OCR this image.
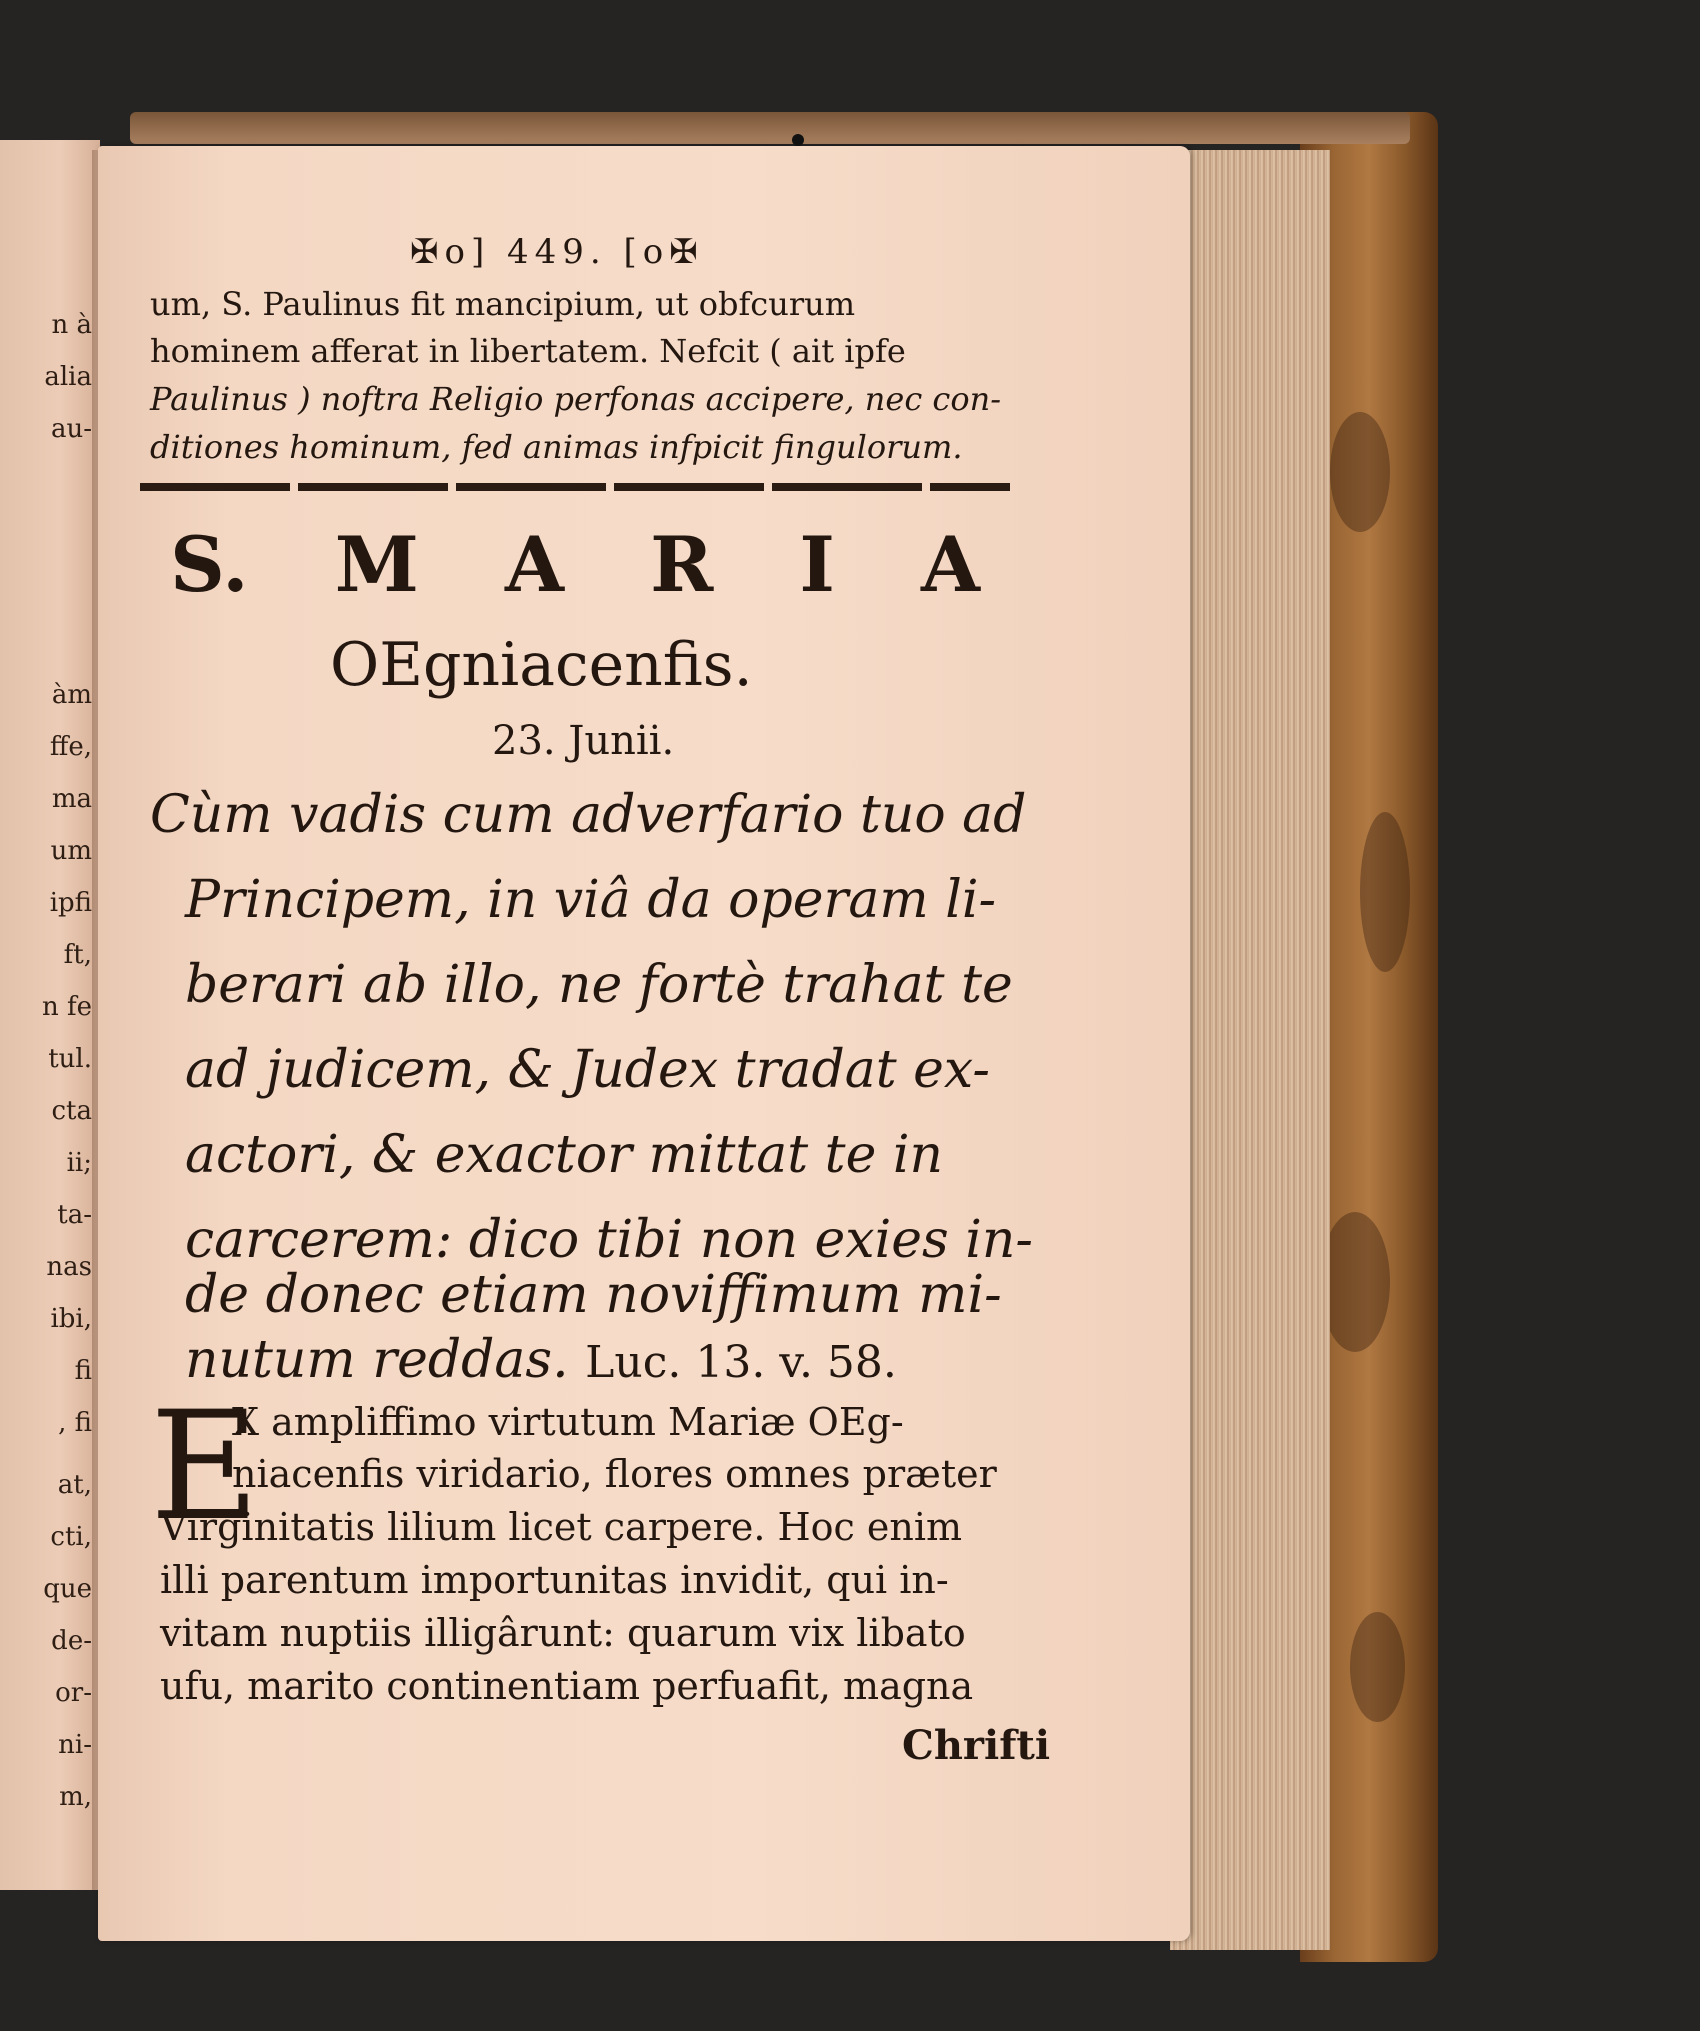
n à
alia
au-
àm
ffe,
ma
um
ipfi
ft,
n fe
tul.
cta
ii;
ta-
nas
ibi,
fi
, fi
at,
cti,
que
de-
or-
ni-
m,
✠o] 449. [o✠
um, S. Paulinus fit mancipium, ut obfcurum
hominem afferat in libertatem. Nefcit ( ait ipfe
Paulinus ) noftra Religio perfonas accipere, nec con-
ditiones hominum, fed animas infpicit fingulorum.
S. M A R I A
OEgniacenfis.
23. Junii.
Cùm vadis cum adverfario tuo ad
Principem, in viâ da operam li-
berari ab illo, ne fortè trahat te
ad judicem, & Judex tradat ex-
actori, & exactor mittat te in
carcerem: dico tibi non exies in-
de donec etiam noviffimum mi-
nutum reddas. Luc. 13. v. 58.
E
X ampliffimo virtutum Mariæ OEg-
niacenfis viridario, flores omnes præter
Virginitatis lilium licet carpere. Hoc enim
illi parentum importunitas invidit, qui in-
vitam nuptiis illigârunt: quarum vix libato
ufu, marito continentiam perfuafit, magna
Chrifti
